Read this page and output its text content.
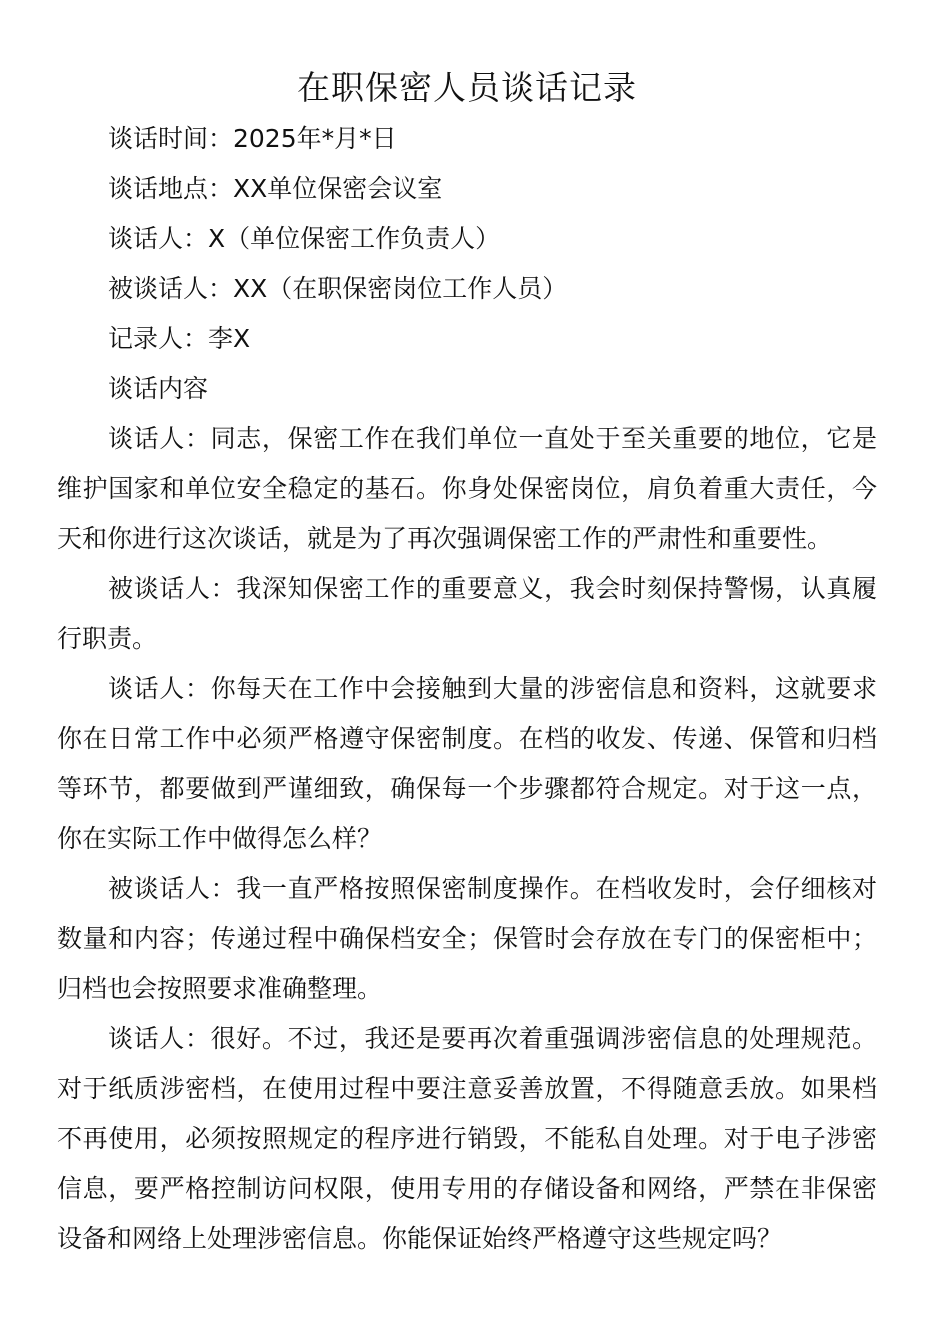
在职保密人员谈话记录

谈话时间：2025年*月*日

谈话地点：XX单位保密会议室

谈话人：X（单位保密工作负责人）

被谈话人：XX（在职保密岗位工作人员）

记录人：李X

谈话内容

谈话人：同志，保密工作在我们单位一直处于至关重要的地位，它是维护国家和单位安全稳定的基石。你身处保密岗位，肩负着重大责任，今天和你进行这次谈话，就是为了再次强调保密工作的严肃性和重要性。

被谈话人：我深知保密工作的重要意义，我会时刻保持警惕，认真履行职责。

谈话人：你每天在工作中会接触到大量的涉密信息和资料，这就要求你在日常工作中必须严格遵守保密制度。在档的收发、传递、保管和归档等环节，都要做到严谨细致，确保每一个步骤都符合规定。对于这一点，你在实际工作中做得怎么样？

被谈话人：我一直严格按照保密制度操作。在档收发时，会仔细核对数量和内容；传递过程中确保档安全；保管时会存放在专门的保密柜中；归档也会按照要求准确整理。

谈话人：很好。不过，我还是要再次着重强调涉密信息的处理规范。对于纸质涉密档，在使用过程中要注意妥善放置，不得随意丢放。如果档不再使用，必须按照规定的程序进行销毁，不能私自处理。对于电子涉密信息，要严格控制访问权限，使用专用的存储设备和网络，严禁在非保密设备和网络上处理涉密信息。你能保证始终严格遵守这些规定吗？
